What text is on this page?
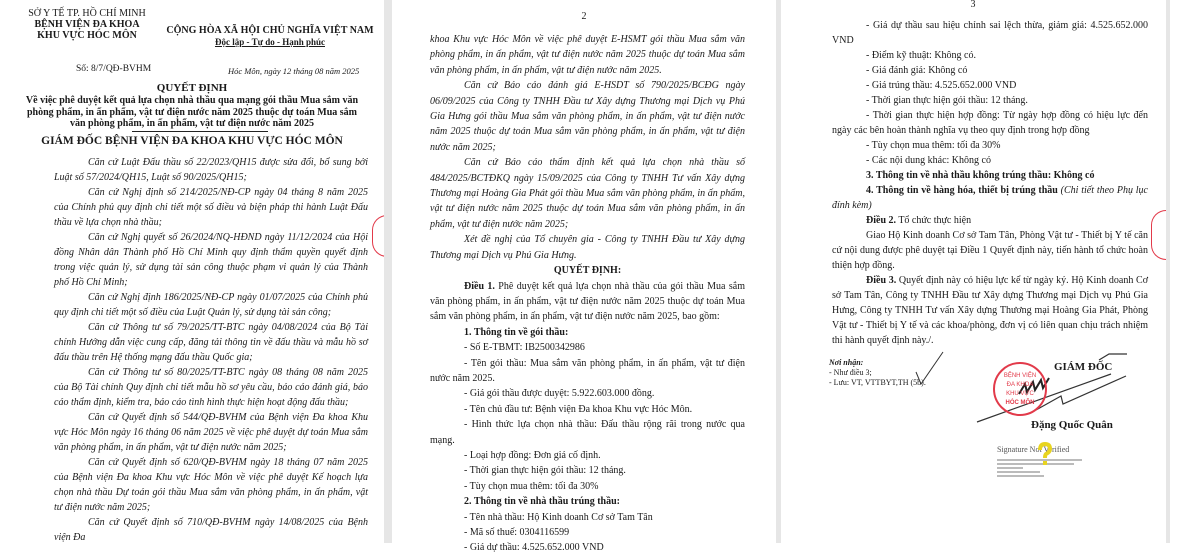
SỞ Y TẾ TP. HỒ CHÍ MINH
BỆNH VIỆN ĐA KHOA
KHU VỰC HÓC MÔN	CỘNG HÒA XÃ HỘI CHỦ NGHĨA VIỆT NAM
Độc lập - Tự do - Hạnh phúc
Số: 8/7/QĐ-BVHM	Hóc Môn, ngày 12 tháng 08 năm 2025
QUYẾT ĐỊNH
Về việc phê duyệt kết quả lựa chọn nhà thầu qua mạng gói thầu Mua sắm văn
phòng phẩm, in ấn phẩm, vật tư điện nước năm 2025 thuộc dự toán Mua sắm
văn phòng phẩm, in ấn phẩm, vật tư điện nước năm 2025
GIÁM ĐỐC BỆNH VIỆN ĐA KHOA KHU VỰC HÓC MÔN

Căn cứ Luật Đấu thầu số 22/2023/QH15 được sửa đổi, bổ sung bởi Luật số 57/2024/QH15, Luật số 90/2025/QH15;

Căn cứ Nghị định số 214/2025/NĐ-CP ngày 04 tháng 8 năm 2025 của Chính phủ quy định chi tiết một số điều và biện pháp thi hành Luật Đấu thầu về lựa chọn nhà thầu;

Căn cứ Nghị quyết số 26/2024/NQ-HĐND ngày 11/12/2024 của Hội đồng Nhân dân Thành phố Hồ Chí Minh quy định thẩm quyền quyết định trong việc quản lý, sử dụng tài sản công thuộc phạm vi quản lý của Thành phố Hồ Chí Minh;

Căn cứ Nghị định 186/2025/NĐ-CP ngày 01/07/2025 của Chính phủ quy định chi tiết một số điều của Luật Quản lý, sử dụng tài sản công;

Căn cứ Thông tư số 79/2025/TT-BTC ngày 04/08/2024 của Bộ Tài chính Hướng dẫn việc cung cấp, đăng tải thông tin về đấu thầu và mẫu hồ sơ đấu thầu trên Hệ thống mạng đấu thầu Quốc gia;

Căn cứ Thông tư số 80/2025/TT-BTC ngày 08 tháng 08 năm 2025 của Bộ Tài chính Quy định chi tiết mẫu hồ sơ yêu cầu, báo cáo đánh giá, báo cáo thẩm định, kiểm tra, báo cáo tình hình thực hiện hoạt động đấu thầu;

Căn cứ Quyết định số 544/QĐ-BVHM của Bệnh viện Đa khoa Khu vực Hóc Môn ngày 16 tháng 06 năm 2025 về việc phê duyệt dự toán Mua sắm văn phòng phẩm, in ấn phẩm, vật tư điện nước năm 2025;

Căn cứ Quyết định số 620/QĐ-BVHM ngày 18 tháng 07 năm 2025 của Bệnh viện Đa khoa Khu vực Hóc Môn về việc phê duyệt Kế hoạch lựa chọn nhà thầu Dự toán gói thầu Mua sắm văn phòng phẩm, in ấn phẩm, vật tư điện nước năm 2025;

Căn cứ Quyết định số 710/QĐ-BVHM ngày 14/08/2025 của Bệnh viện Đa

2

khoa Khu vực Hóc Môn về việc phê duyệt E-HSMT gói thầu Mua sắm văn phòng phẩm, in ấn phẩm, vật tư điện nước năm 2025 thuộc dự toán Mua sắm văn phòng phẩm, in ấn phẩm, vật tư điện nước năm 2025.

Căn cứ Báo cáo đánh giá E-HSDT số 790/2025/BCĐG ngày 06/09/2025 của Công ty TNHH Đầu tư Xây dựng Thương mại Dịch vụ Phú Gia Hưng gói thầu Mua sắm văn phòng phẩm, in ấn phẩm, vật tư điện nước năm 2025 thuộc dự toán Mua sắm văn phòng phẩm, in ấn phẩm, vật tư điện nước năm 2025;

Căn cứ Báo cáo thẩm định kết quả lựa chọn nhà thầu số 484/2025/BCTĐKQ ngày 15/09/2025 của Công ty TNHH Tư vấn Xây dựng Thương mại Hoàng Gia Phát gói thầu Mua sắm văn phòng phẩm, in ấn phẩm, vật tư điện nước năm 2025 thuộc dự toán Mua sắm văn phòng phẩm, in ấn phẩm, vật tư điện nước năm 2025;

Xét đề nghị của Tổ chuyên gia - Công ty TNHH Đầu tư Xây dựng Thương mại Dịch vụ Phú Gia Hưng.

QUYẾT ĐỊNH:

Điều 1. Phê duyệt kết quả lựa chọn nhà thầu của gói thầu Mua sắm văn phòng phẩm, in ấn phẩm, vật tư điện nước năm 2025 thuộc dự toán Mua sắm văn phòng phẩm, in ấn phẩm, vật tư điện nước năm 2025, bao gồm:

1. Thông tin về gói thầu:

- Số E-TBMT: IB2500342986

- Tên gói thầu: Mua sắm văn phòng phẩm, in ấn phẩm, vật tư điện nước năm 2025.

- Giá gói thầu được duyệt: 5.922.603.000 đồng.

- Tên chủ đầu tư: Bệnh viện Đa khoa Khu vực Hóc Môn.

- Hình thức lựa chọn nhà thầu: Đấu thầu rộng rãi trong nước qua mạng.

- Loại hợp đồng: Đơn giá cố định.

- Thời gian thực hiện gói thầu: 12 tháng.

- Tùy chọn mua thêm: tối đa 30%

2. Thông tin về nhà thầu trúng thầu:

- Tên nhà thầu: Hộ Kinh doanh Cơ sở Tam Tân

- Mã số thuế: 0304116599

- Giá dự thầu: 4.525.652.000 VND

3

- Giá dự thầu sau hiệu chỉnh sai lệch thừa, giảm giá: 4.525.652.000 VND

- Điểm kỹ thuật: Không có.

- Giá đánh giá: Không có

- Giá trúng thầu: 4.525.652.000 VND

- Thời gian thực hiện gói thầu: 12 tháng.

- Thời gian thực hiện hợp đồng: Từ ngày hợp đồng có hiệu lực đến ngày các bên hoàn thành nghĩa vụ theo quy định trong hợp đồng

- Tùy chọn mua thêm: tối đa 30%

- Các nội dung khác: Không có

3. Thông tin về nhà thầu không trúng thầu: Không có

4. Thông tin về hàng hóa, thiết bị trúng thầu (Chi tiết theo Phụ lục đính kèm)

Điều 2. Tổ chức thực hiện

Giao Hộ Kinh doanh Cơ sở Tam Tân, Phòng Vật tư - Thiết bị Y tế căn cứ nội dung được phê duyệt tại Điều 1 Quyết định này, tiến hành tổ chức hoàn thiện hợp đồng.

Điều 3. Quyết định này có hiệu lực kể từ ngày ký. Hộ Kinh doanh Cơ sở Tam Tân, Công ty TNHH Đầu tư Xây dựng Thương mại Dịch vụ Phú Gia Hưng, Công ty TNHH Tư vấn Xây dựng Thương mại Hoàng Gia Phát, Phòng Vật tư - Thiết bị Y tế và các khoa/phòng, đơn vị có liên quan chịu trách nhiệm thi hành quyết định này./.

Nơi nhận:
- Như điều 3;
- Lưu: VT, VTTBYT,TH (5b).
BỆNH VIỆN
ĐA KHOA
KHU VỰC
HÓC MÔN
GIÁM ĐỐC
Đặng Quốc Quân
Signature Not Verified
